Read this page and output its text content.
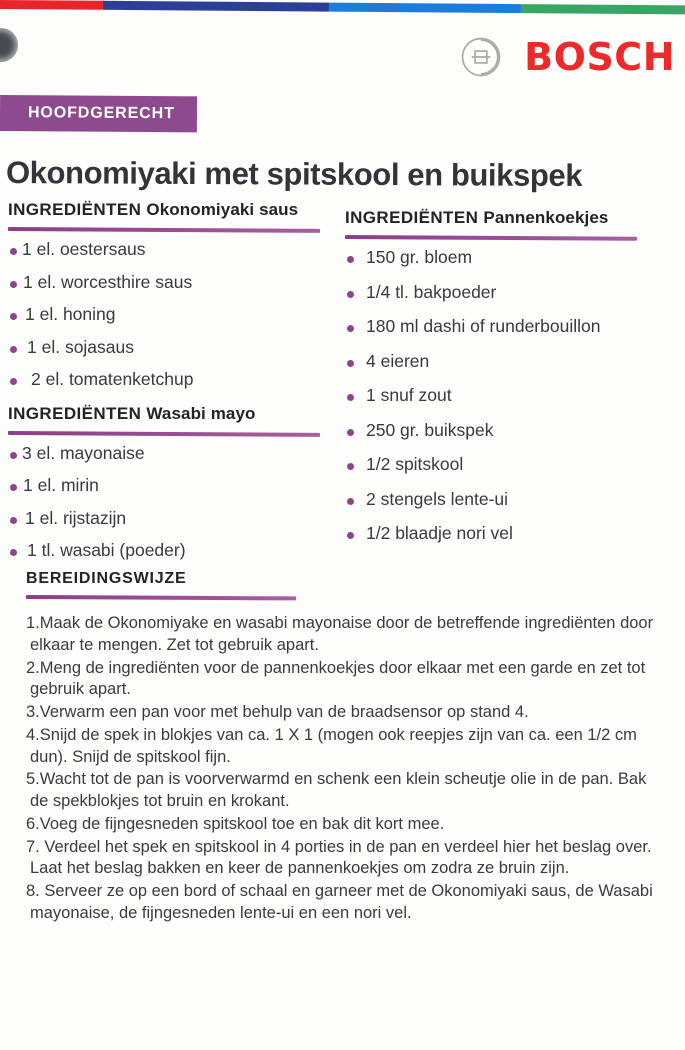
BOSCH
HOOFDGERECHT
Okonomiyaki met spitskool en buikspek
INGREDIËNTEN Okonomiyaki saus
1 el. oestersaus
1 el. worcesthire saus
1 el. honing
1 el. sojasaus
2 el. tomatenketchup
INGREDIËNTEN Wasabi mayo
3 el. mayonaise
1 el. mirin
1 el. rijstazijn
1 tl. wasabi (poeder)
INGREDIËNTEN Pannenkoekjes
150 gr. bloem
1/4 tl. bakpoeder
180 ml dashi of runderbouillon
4 eieren
1 snuf zout
250 gr. buikspek
1/2 spitskool
2 stengels lente-ui
1/2 blaadje nori vel
BEREIDINGSWIJZE
1.Maak de Okonomiyake en wasabi mayonaise door de betreffende ingrediënten door elkaar te mengen. Zet tot gebruik apart.
2.Meng de ingrediënten voor de pannenkoekjes door elkaar met een garde en zet tot gebruik apart.
3.Verwarm een pan voor met behulp van de braadsensor op stand 4.
4.Snijd de spek in blokjes van ca. 1 X 1 (mogen ook reepjes zijn van ca. een 1/2 cm dun). Snijd de spitskool fijn.
5.Wacht tot de pan is voorverwarmd en schenk een klein scheutje olie in de pan. Bak de spekblokjes tot bruin en krokant.
6.Voeg de fijngesneden spitskool toe en bak dit kort mee.
7. Verdeel het spek en spitskool in 4 porties in de pan en verdeel hier het beslag over. Laat het beslag bakken en keer de pannenkoekjes om zodra ze bruin zijn.
8. Serveer ze op een bord of schaal en garneer met de Okonomiyaki saus, de Wasabi mayonaise, de fijngesneden lente-ui en een nori vel.
